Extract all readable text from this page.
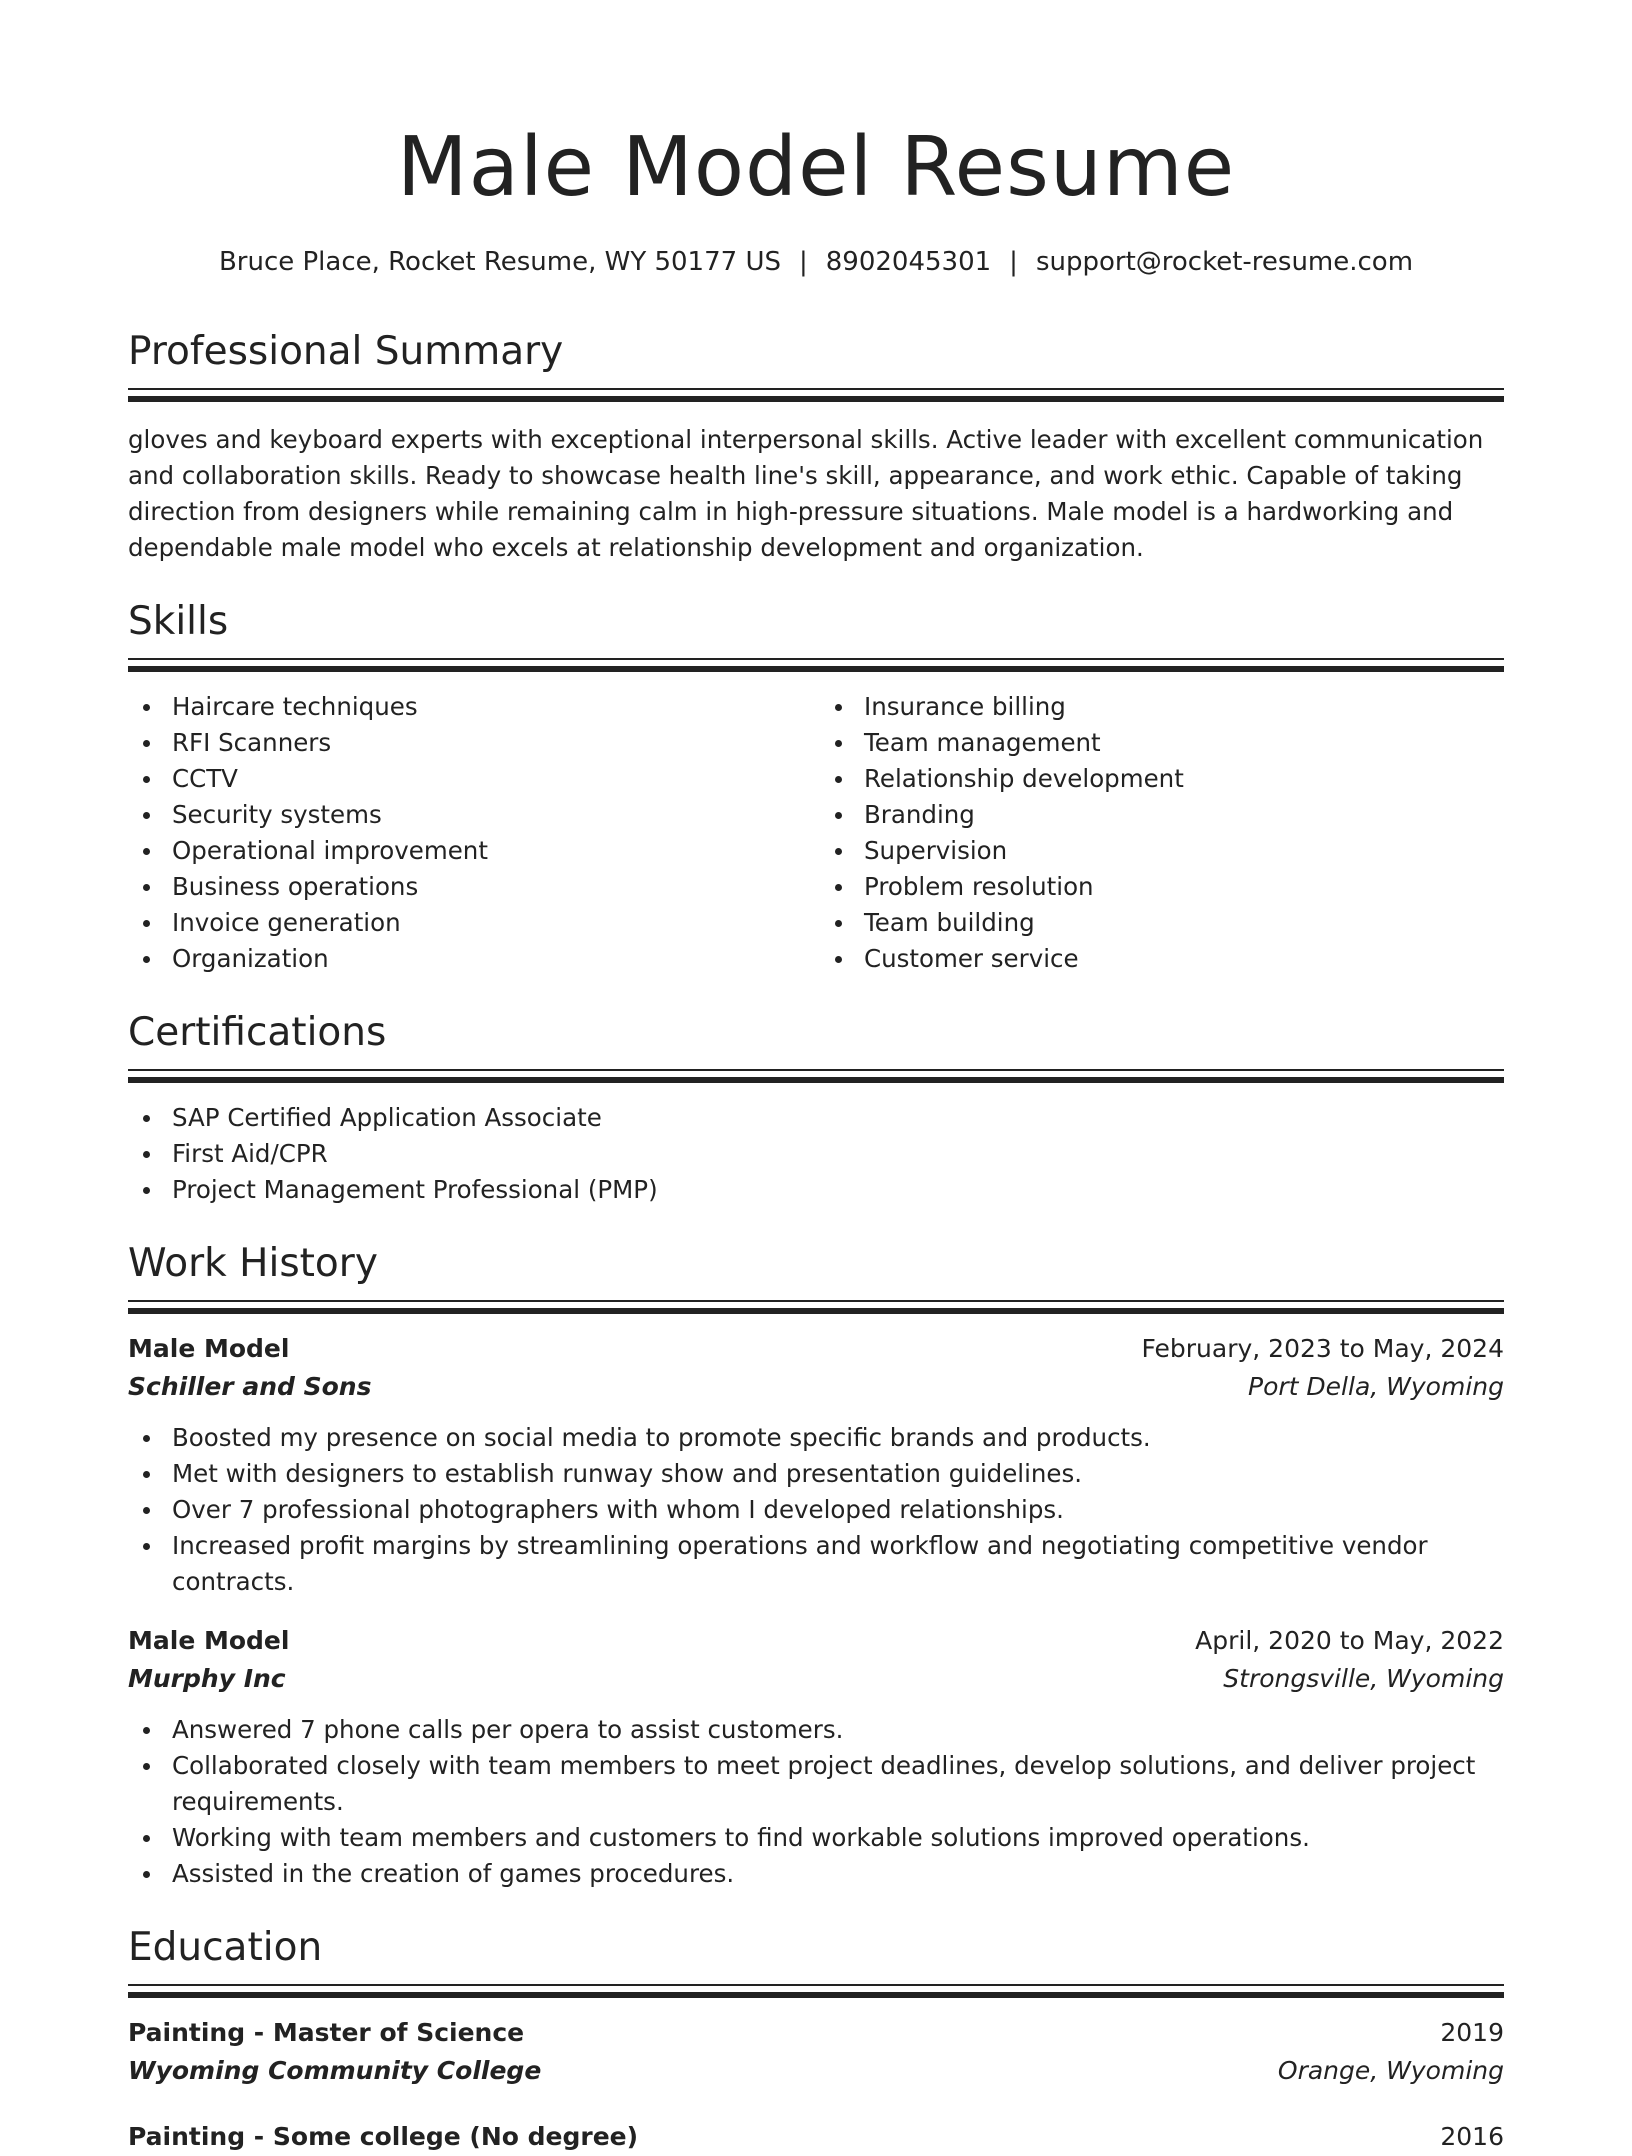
Male Model Resume
Bruce Place, Rocket Resume, WY 50177 US | 8902045301 | support@rocket-resume.com
Professional Summary

gloves and keyboard experts with exceptional interpersonal skills. Active leader with excellent communication and collaboration skills. Ready to showcase health line's skill, appearance, and work ethic. Capable of taking direction from designers while remaining calm in high-pressure situations. Male model is a hardworking and dependable male model who excels at relationship development and organization.

Skills
Haircare techniques
RFI Scanners
CCTV
Security systems
Operational improvement
Business operations
Invoice generation
Organization
Insurance billing
Team management
Relationship development
Branding
Supervision
Problem resolution
Team building
Customer service
Certifications
SAP Certified Application Associate
First Aid/CPR
Project Management Professional (PMP)
Work History
Male Model	February, 2023 to May, 2024
Schiller and Sons	Port Della, Wyoming
Boosted my presence on social media to promote specific brands and products.
Met with designers to establish runway show and presentation guidelines.
Over 7 professional photographers with whom I developed relationships.
Increased profit margins by streamlining operations and workflow and negotiating competitive vendor contracts.
Male Model	April, 2020 to May, 2022
Murphy Inc	Strongsville, Wyoming
Answered 7 phone calls per opera to assist customers.
Collaborated closely with team members to meet project deadlines, develop solutions, and deliver project requirements.
Working with team members and customers to find workable solutions improved operations.
Assisted in the creation of games procedures.
Education
Painting - Master of Science	2019
Wyoming Community College	Orange, Wyoming
Painting - Some college (No degree)	2016
